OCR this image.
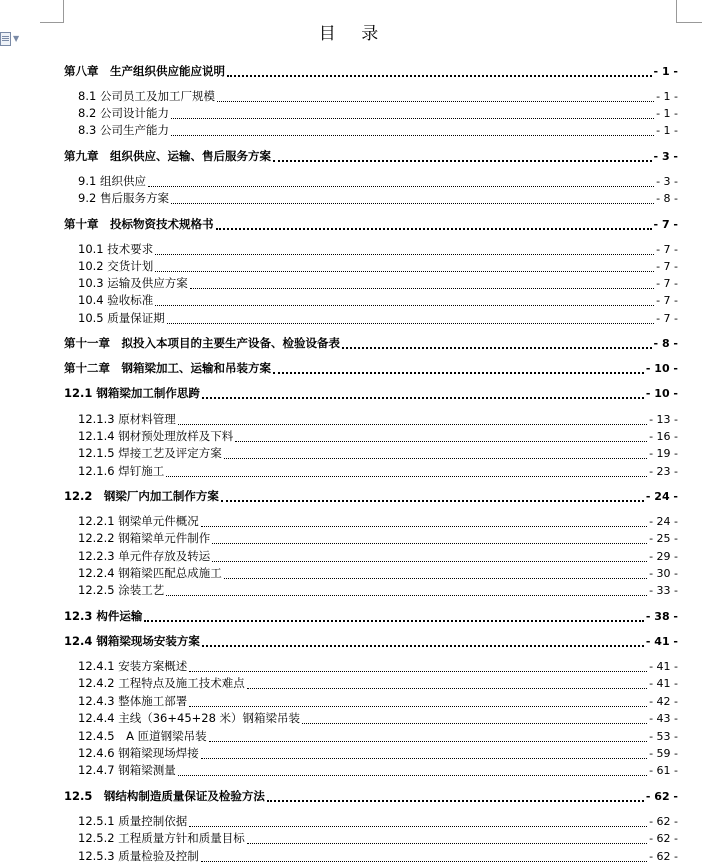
▼	目 录
第八章　生产组织供应能应说明	- 1 -
8.1 公司员工及加工厂规模	- 1 -
8.2 公司设计能力	- 1 -
8.3 公司生产能力	- 1 -
第九章　组织供应、运输、售后服务方案	- 3 -
9.1 组织供应	- 3 -
9.2 售后服务方案	- 8 -
第十章　投标物资技术规格书	- 7 -
10.1 技术要求	- 7 -
10.2 交货计划	- 7 -
10.3 运输及供应方案	- 7 -
10.4 验收标准	- 7 -
10.5 质量保证期	- 7 -
第十一章　拟投入本项目的主要生产设备、检验设备表	- 8 -
第十二章　钢箱梁加工、运输和吊装方案	- 10 -
12.1 钢箱梁加工制作思跨	- 10 -
12.1.3 原材料管理	- 13 -
12.1.4 钢材预处理放样及下料	- 16 -
12.1.5 焊接工艺及评定方案	- 19 -
12.1.6 焊钉施工	- 23 -
12.2　钢梁厂内加工制作方案	- 24 -
12.2.1 钢梁单元件概况	- 24 -
12.2.2 钢箱梁单元件制作	- 25 -
12.2.3 单元件存放及转运	- 29 -
12.2.4 钢箱梁匹配总成施工	- 30 -
12.2.5 涂装工艺	- 33 -
12.3 构件运输	- 38 -
12.4 钢箱梁现场安装方案	- 41 -
12.4.1 安装方案概述	- 41 -
12.4.2 工程特点及施工技术难点	- 41 -
12.4.3 整体施工部署	- 42 -
12.4.4 主线（36+45+28 米）钢箱梁吊装	- 43 -
12.4.5　A 匝道钢梁吊装	- 53 -
12.4.6 钢箱梁现场焊接	- 59 -
12.4.7 钢箱梁测量	- 61 -
12.5　钢结构制造质量保证及检验方法	- 62 -
12.5.1 质量控制依据	- 62 -
12.5.2 工程质量方针和质量目标	- 62 -
12.5.3 质量检验及控制	- 62 -
